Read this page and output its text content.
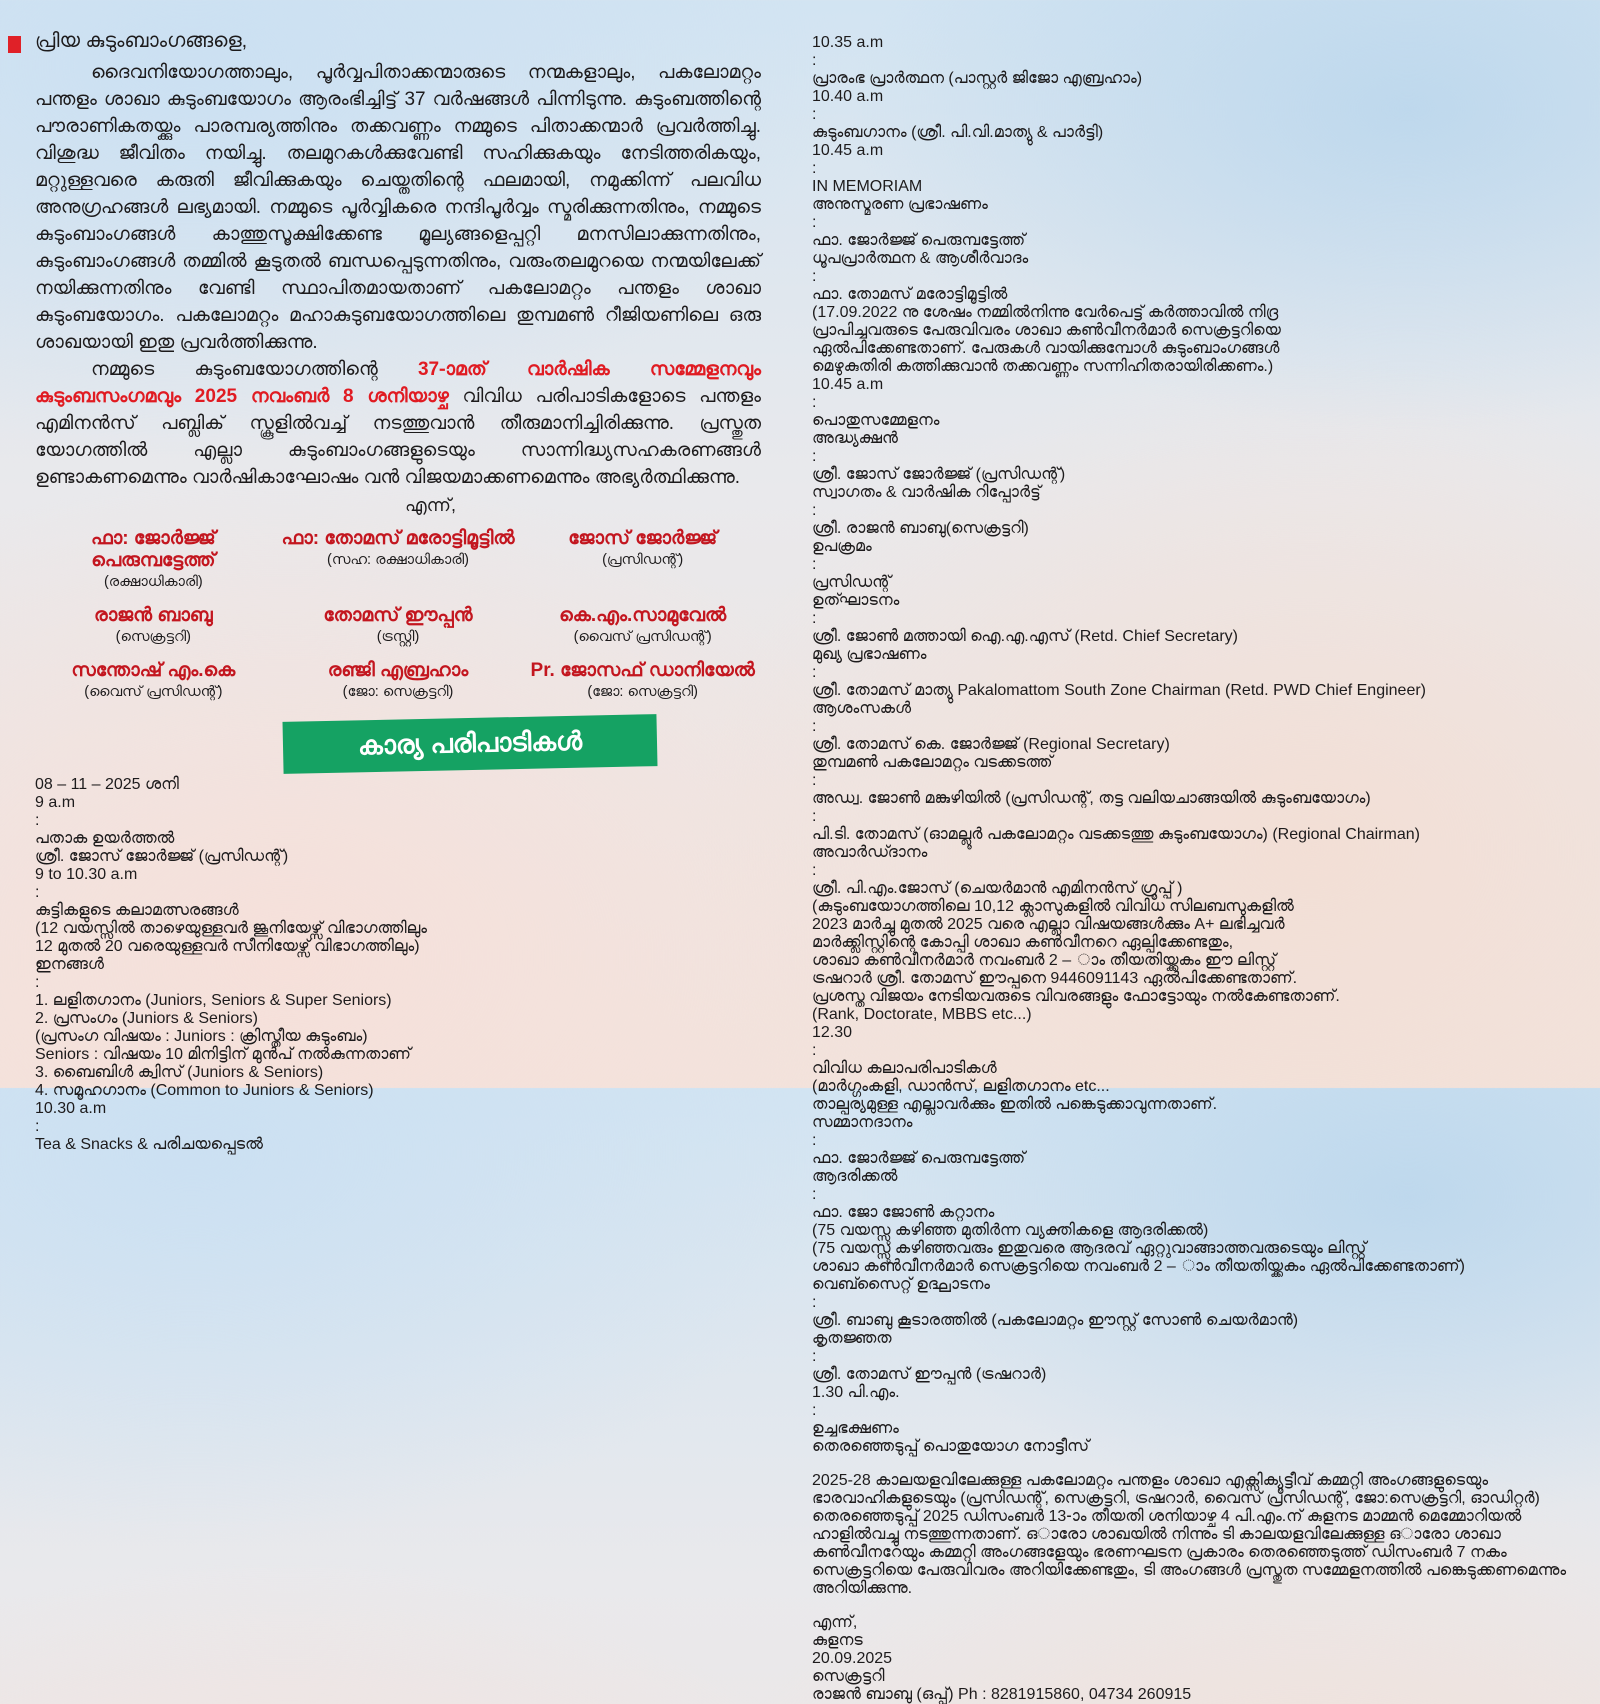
പ്രിയ കുടുംബാംഗങ്ങളെ,

ദൈവനിയോഗത്താലും, പൂർവ്വപിതാക്കന്മാരുടെ നന്മകളാലും, പകലോമറ്റം പന്തളം ശാഖാ കുടുംബയോഗം ആരംഭിച്ചിട്ട് 37 വർഷങ്ങൾ പിന്നിടുന്നു. കുടുംബത്തിന്റെ പൗരാണികതയ്ക്കും പാരമ്പര്യത്തിനും തക്കവണ്ണം നമ്മുടെ പിതാക്കന്മാർ പ്രവർത്തിച്ചു. വിശുദ്ധ ജീവിതം നയിച്ചു. തലമുറകൾക്കുവേണ്ടി സഹിക്കുകയും നേടിത്തരികയും, മറ്റുള്ളവരെ കരുതി ജീവിക്കുകയും ചെയ്തതിന്റെ ഫലമായി, നമുക്കിന്ന് പലവിധ അനുഗ്രഹങ്ങൾ ലഭ്യമായി. നമ്മുടെ പൂർവ്വികരെ നന്ദിപൂർവ്വം സ്മരിക്കുന്നതിനും, നമ്മുടെ കുടുംബാംഗങ്ങൾ കാത്തുസൂക്ഷിക്കേണ്ട മൂല്യങ്ങളെപ്പറ്റി മനസിലാക്കുന്നതിനും, കുടുംബാംഗങ്ങൾ തമ്മിൽ കൂടുതൽ ബന്ധപ്പെടുന്നതിനും, വരുംതലമുറയെ നന്മയിലേക്ക് നയിക്കുന്നതിനും വേണ്ടി സ്ഥാപിതമായതാണ് പകലോമറ്റം പന്തളം ശാഖാ കുടുംബയോഗം. പകലോമറ്റം മഹാകുടുബയോഗത്തിലെ തുമ്പമൺ റീജിയണിലെ ഒരു ശാഖയായി ഇതു പ്രവർത്തിക്കുന്നു.

നമ്മുടെ കുടുംബയോഗത്തിന്റെ 37-ാമത് വാർഷിക സമ്മേളനവും കുടുംബസംഗമവും 2025 നവംബർ 8 ശനിയാഴ്ച വിവിധ പരിപാടികളോടെ പന്തളം എമിനൻസ് പബ്ലിക് സ്കൂളിൽവച്ച് നടത്തുവാൻ തീരുമാനിച്ചിരിക്കുന്നു. പ്രസ്തുത യോഗത്തിൽ എല്ലാ കുടുംബാംഗങ്ങളുടെയും സാന്നിദ്ധ്യസഹകരണങ്ങൾ ഉണ്ടാകണമെന്നും വാർഷികാഘോഷം വൻ വിജയമാക്കണമെന്നും അഭ്യർത്ഥിക്കുന്നു.

എന്ന്,
ഫാ: ജോർജ്ജ് പെരുമ്പട്ടേത്ത്
(രക്ഷാധികാരി)
ഫാ: തോമസ് മരോട്ടിമൂട്ടിൽ
(സഹ: രക്ഷാധികാരി)
ജോസ് ജോർജ്ജ്
(പ്രസിഡന്റ്)
രാജൻ ബാബു
(സെക്രട്ടറി)
തോമസ് ഈപ്പൻ
(ട്രസ്റ്റി)
കെ.എം.സാമുവേൽ
(വൈസ് പ്രസിഡന്റ്)
സന്തോഷ് എം.കെ
(വൈസ് പ്രസിഡന്റ്)
രഞ്ജി എബ്രഹാം
(ജോ: സെക്രട്ടറി)
Pr. ജോസഫ് ഡാനിയേൽ
(ജോ: സെക്രട്ടറി)
കാര്യ പരിപാടികൾ
08 – 11 – 2025 ശനി
9 a.m
:
പതാക ഉയർത്തൽ
ശ്രീ. ജോസ് ജോർജ്ജ് (പ്രസിഡന്റ്)
9 to 10.30 a.m
:
കുട്ടികളുടെ കലാമത്സരങ്ങൾ
(12 വയസ്സിൽ താഴെയുള്ളവർ ജൂനിയേഴ്സ് വിഭാഗത്തിലും
12 മുതൽ 20 വരെയുള്ളവർ സീനിയേഴ്സ് വിഭാഗത്തിലും)
ഇനങ്ങൾ
:
1. ലളിതഗാനം (Juniors, Seniors & Super Seniors)
2. പ്രസംഗം (Juniors & Seniors)
(പ്രസംഗ വിഷയം : Juniors : ക്രിസ്തീയ കുടുംബം)
Seniors : വിഷയം 10 മിനിട്ടിന് മുൻപ് നൽകുന്നതാണ്
3. ബൈബിൾ ക്വിസ് (Juniors & Seniors)
4. സമൂഹഗാനം (Common to Juniors & Seniors)
10.30 a.m
:
Tea & Snacks & പരിചയപ്പെടൽ
10.35 a.m
:
പ്രാരംഭ പ്രാർത്ഥന (പാസ്റ്റർ ജിജോ എബ്രഹാം)
10.40 a.m
:
കുടുംബഗാനം (ശ്രീ. പി.വി.മാത്യു & പാർട്ടി)
10.45 a.m
:
IN MEMORIAM
അനുസ്മരണ പ്രഭാഷണം
:
ഫാ. ജോർജ്ജ് പെരുമ്പട്ടേത്ത്
ധൂപപ്രാർത്ഥന & ആശീർവാദം
:
ഫാ. തോമസ് മരോട്ടിമൂട്ടിൽ
(17.09.2022 നു ശേഷം നമ്മിൽനിന്നു വേർപെട്ട് കർത്താവിൽ നിദ്ര
പ്രാപിച്ചവരുടെ പേരുവിവരം ശാഖാ കൺവീനർമാർ സെക്രട്ടറിയെ
ഏൽപിക്കേണ്ടതാണ്. പേരുകൾ വായിക്കുമ്പോൾ കുടുംബാംഗങ്ങൾ
മെഴുകുതിരി കത്തിക്കുവാൻ തക്കവണ്ണം സന്നിഹിതരായിരിക്കണം.)
10.45 a.m
:
പൊതുസമ്മേളനം
അദ്ധ്യക്ഷൻ
:
ശ്രീ. ജോസ് ജോർജ്ജ് (പ്രസിഡന്റ്)
സ്വാഗതം & വാർഷിക റിപ്പോർട്ട്
:
ശ്രീ. രാജൻ ബാബു(സെക്രട്ടറി)
ഉപക്രമം
:
പ്രസിഡന്റ്
ഉത്ഘാടനം
:
ശ്രീ. ജോൺ മത്തായി ഐ.എ.എസ് (Retd. Chief Secretary)
മുഖ്യ പ്രഭാഷണം
:
ശ്രീ. തോമസ് മാത്യു Pakalomattom South Zone Chairman (Retd. PWD Chief Engineer)
ആശംസകൾ
:
ശ്രീ. തോമസ് കെ. ജോർജ്ജ് (Regional Secretary)
തുമ്പമൺ പകലോമറ്റം വടക്കടത്ത്
:
അഡ്വ. ജോൺ മങ്കുഴിയിൽ (പ്രസിഡന്റ്, തട്ട വലിയചാങ്ങയിൽ കുടുംബയോഗം)
:
പി.ടി. തോമസ് (ഓമല്ലൂർ പകലോമറ്റം വടക്കടത്തു കുടുംബയോഗം) (Regional Chairman)
അവാർഡ്ദാനം
:
ശ്രീ. പി.എം.ജോസ് (ചെയർമാൻ എമിനൻസ് ഗ്രൂപ്പ് )
(കുടുംബയോഗത്തിലെ 10,12 ക്ലാസുകളിൽ വിവിധ സിലബസുകളിൽ
2023 മാർച്ചു മുതൽ 2025 വരെ എല്ലാ വിഷയങ്ങൾക്കും A+ ലഭിച്ചവർ
മാർക്ക്ലിസ്റ്റിന്റെ കോപ്പി ശാഖാ കൺവീനറെ ഏല്പിക്കേണ്ടതും,
ശാഖാ കൺവീനർമാർ നവംബർ 2 – ാം തീയതിയ്ക്കകം ഈ ലിസ്റ്റ്
ട്രഷറാർ ശ്രീ. തോമസ് ഈപ്പനെ 9446091143 ഏൽപിക്കേണ്ടതാണ്.
പ്രശസ്ത വിജയം നേടിയവരുടെ വിവരങ്ങളും ഫോട്ടോയും നൽകേണ്ടതാണ്.
(Rank, Doctorate, MBBS etc...)
12.30
:
വിവിധ കലാപരിപാടികൾ
(മാർഗ്ഗംകളി, ഡാൻസ്, ലളിതഗാനം etc...
താല്പര്യമുള്ള എല്ലാവർക്കും ഇതിൽ പങ്കെടുക്കാവുന്നതാണ്.
സമ്മാനദാനം
:
ഫാ. ജോർജ്ജ് പെരുമ്പട്ടേത്ത്
ആദരിക്കൽ
:
ഫാ. ജോ ജോൺ കറ്റാനം
(75 വയസ്സു കഴിഞ്ഞ മുതിർന്ന വ്യക്തികളെ ആദരിക്കൽ)
(75 വയസ്സു കഴിഞ്ഞവരും ഇതുവരെ ആദരവ് ഏറ്റുവാങ്ങാത്തവരുടെയും ലിസ്റ്റ്
ശാഖാ കൺവീനർമാർ സെക്രട്ടറിയെ നവംബർ 2 – ാം തീയതിയ്ക്കകം ഏൽപിക്കേണ്ടതാണ്)
വെബ്സൈറ്റ് ഉദ്ഘാടനം
:
ശ്രീ. ബാബു കൂടാരത്തിൽ (പകലോമറ്റം ഈസ്റ്റ് സോൺ ചെയർമാൻ)
കൃതജ്ഞത
:
ശ്രീ. തോമസ് ഈപ്പൻ (ട്രഷറാർ)
1.30 പി.എം.
:
ഉച്ചഭക്ഷണം
തെരഞ്ഞെടുപ്പ് പൊതുയോഗ നോട്ടീസ്

2025-28 കാലയളവിലേക്കുള്ള പകലോമറ്റം പന്തളം ശാഖാ എക്സിക്യൂട്ടീവ് കമ്മറ്റി അംഗങ്ങളുടെയും ഭാരവാഹികളുടെയും (പ്രസിഡന്റ്, സെക്രട്ടറി, ട്രഷറാർ, വൈസ് പ്രസിഡന്റ്, ജോ:സെക്രട്ടറി, ഓഡിറ്റർ) തെരഞ്ഞെടുപ്പ് 2025 ഡിസംബർ 13-ാം തീയതി ശനിയാഴ്ച 4 പി.എം.ന് കുളനട മാമ്മൻ മെമ്മോറിയൽ ഹാളിൽവച്ചു നടത്തുന്നതാണ്. ഒാരോ ശാഖയിൽ നിന്നും ടി കാലയളവിലേക്കുള്ള ഒാരോ ശാഖാ കൺവീനറേയും കമ്മറ്റി അംഗങ്ങളേയും ഭരണഘടന പ്രകാരം തെരഞ്ഞെടുത്ത് ഡിസംബർ 7 നകം സെക്രട്ടറിയെ പേരുവിവരം അറിയിക്കേണ്ടതും, ടി അംഗങ്ങൾ പ്രസ്തുത സമ്മേളനത്തിൽ പങ്കെടുക്കണമെന്നും അറിയിക്കുന്നു.

എന്ന്,
കുളനട
20.09.2025
സെക്രട്ടറി
രാജൻ ബാബു (ഒപ്പ്) Ph : 8281915860, 04734 260915
